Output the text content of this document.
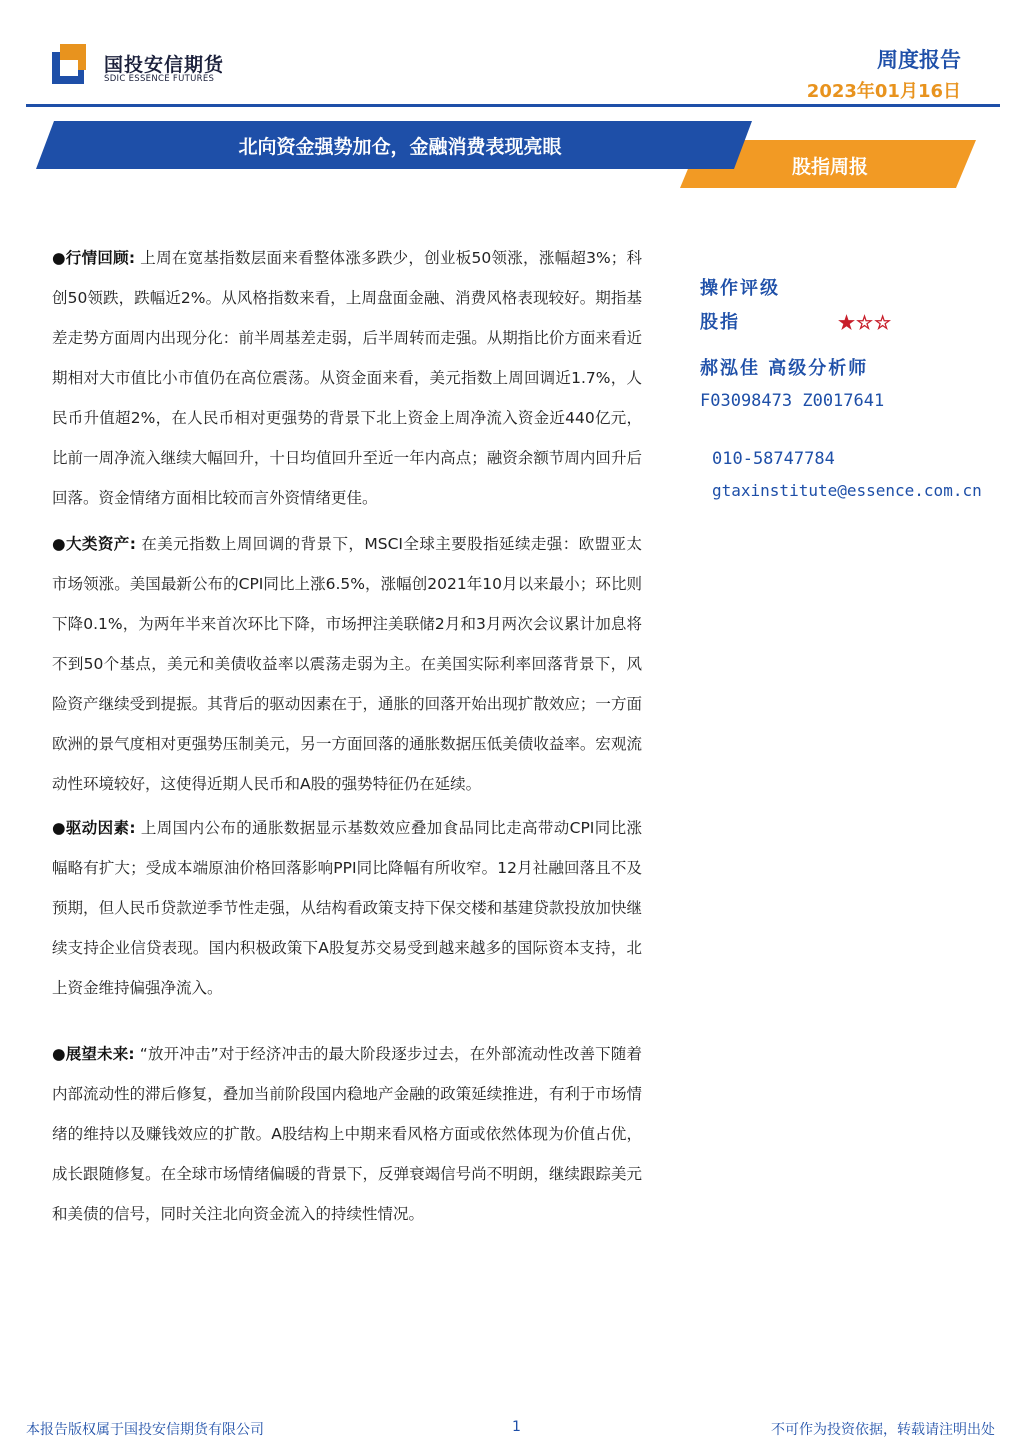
国投安信期货
SDIC ESSENCE FUTURES
周度报告
2023年01月16日
北向资金强势加仓，金融消费表现亮眼
股指周报

●行情回顾: 上周在宽基指数层面来看整体涨多跌少，创业板50领涨，涨幅超3%；科创50领跌，跌幅近2%。从风格指数来看，上周盘面金融、消费风格表现较好。期指基差走势方面周内出现分化：前半周基差走弱，后半周转而走强。从期指比价方面来看近期相对大市值比小市值仍在高位震荡。从资金面来看，美元指数上周回调近1.7%，人民币升值超2%，在人民币相对更强势的背景下北上资金上周净流入资金近440亿元，比前一周净流入继续大幅回升，十日均值回升至近一年内高点；融资余额节周内回升后回落。资金情绪方面相比较而言外资情绪更佳。

●大类资产: 在美元指数上周回调的背景下，MSCI全球主要股指延续走强：欧盟亚太市场领涨。美国最新公布的CPI同比上涨6.5%，涨幅创2021年10月以来最小；环比则下降0.1%，为两年半来首次环比下降，市场押注美联储2月和3月两次会议累计加息将不到50个基点，美元和美债收益率以震荡走弱为主。在美国实际利率回落背景下，风险资产继续受到提振。其背后的驱动因素在于，通胀的回落开始出现扩散效应；一方面欧洲的景气度相对更强势压制美元，另一方面回落的通胀数据压低美债收益率。宏观流动性环境较好，这使得近期人民币和A股的强势特征仍在延续。

●驱动因素: 上周国内公布的通胀数据显示基数效应叠加食品同比走高带动CPI同比涨幅略有扩大；受成本端原油价格回落影响PPI同比降幅有所收窄。12月社融回落且不及预期，但人民币贷款逆季节性走强，从结构看政策支持下保交楼和基建贷款投放加快继续支持企业信贷表现。国内积极政策下A股复苏交易受到越来越多的国际资本支持，北上资金维持偏强净流入。

●展望未来: “放开冲击”对于经济冲击的最大阶段逐步过去，在外部流动性改善下随着内部流动性的滞后修复，叠加当前阶段国内稳地产金融的政策延续推进，有利于市场情绪的维持以及赚钱效应的扩散。A股结构上中期来看风格方面或依然体现为价值占优，成长跟随修复。在全球市场情绪偏暖的背景下，反弹衰竭信号尚不明朗，继续跟踪美元和美债的信号，同时关注北向资金流入的持续性情况。

操作评级
股指	★☆☆
郝泓佳 高级分析师
F03098473 Z0017641
010-58747784
gtaxinstitute@essence.com.cn
本报告版权属于国投安信期货有限公司	1	不可作为投资依据，转载请注明出处
